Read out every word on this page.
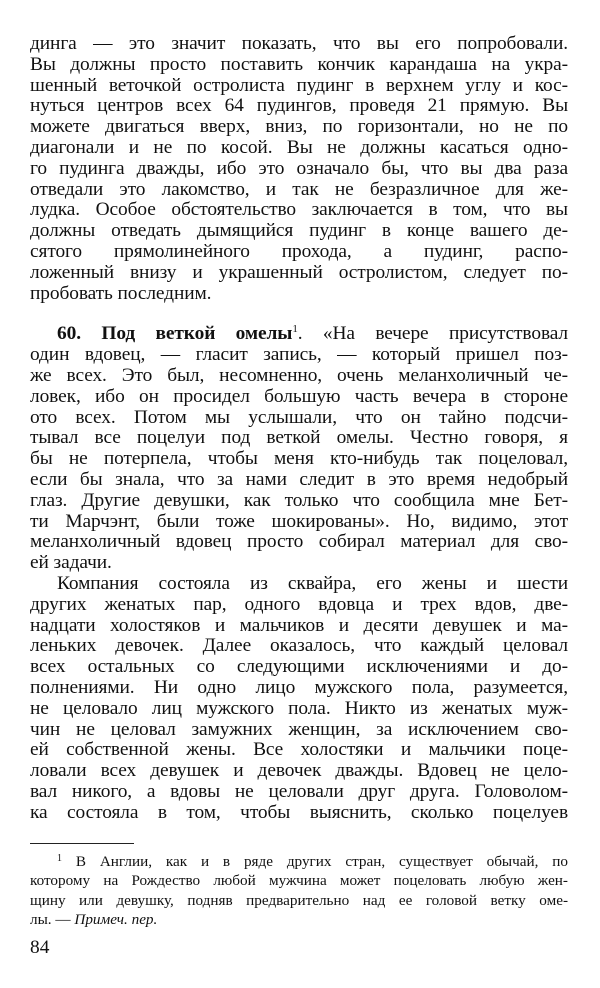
динга — это значит показать, что вы его попробовали.
Вы должны просто поставить кончик карандаша на укра-
шенный веточкой остролиста пудинг в верхнем углу и кос-
нуться центров всех 64 пудингов, проведя 21 прямую. Вы
можете двигаться вверх, вниз, по горизонтали, но не по
диагонали и не по косой. Вы не должны касаться одно-
го пудинга дважды, ибо это означало бы, что вы два раза
отведали это лакомство, и так не безразличное для же-
лудка. Особое обстоятельство заключается в том, что вы
должны отведать дымящийся пудинг в конце вашего де-
сятого прямолинейного прохода, а пудинг, распо-
ложенный внизу и украшенный остролистом, следует по-
пробовать последним.
60. Под веткой омелы$^1$. «На вечере присутствовал
один вдовец, — гласит запись, — который пришел поз-
же всех. Это был, несомненно, очень меланхоличный че-
ловек, ибо он просидел большую часть вечера в стороне
ото всех. Потом мы услышали, что он тайно подсчи-
тывал все поцелуи под веткой омелы. Честно говоря, я
бы не потерпела, чтобы меня кто-нибудь так поцеловал,
если бы знала, что за нами следит в это время недобрый
глаз. Другие девушки, как только что сообщила мне Бет-
ти Марчэнт, были тоже шокированы». Но, видимо, этот
меланхоличный вдовец просто собирал материал для сво-
ей задачи.
Компания состояла из сквайра, его жены и шести
других женатых пар, одного вдовца и трех вдов, две-
надцати холостяков и мальчиков и десяти девушек и ма-
леньких девочек. Далее оказалось, что каждый целовал
всех остальных со следующими исключениями и до-
полнениями. Ни одно лицо мужского пола, разумеется,
не целовало лиц мужского пола. Никто из женатых муж-
чин не целовал замужних женщин, за исключением сво-
ей собственной жены. Все холостяки и мальчики поце-
ловали всех девушек и девочек дважды. Вдовец не цело-
вал никого, а вдовы не целовали друг друга. Головолом-
ка состояла в том, чтобы выяснить, сколько поцелуев
$^1$ В Англии, как и в ряде других стран, существует обычай, по
которому на Рождество любой мужчина может поцеловать любую жен-
щину или девушку, подняв предварительно над ее головой ветку оме-
лы. — Примеч. пер.
84
